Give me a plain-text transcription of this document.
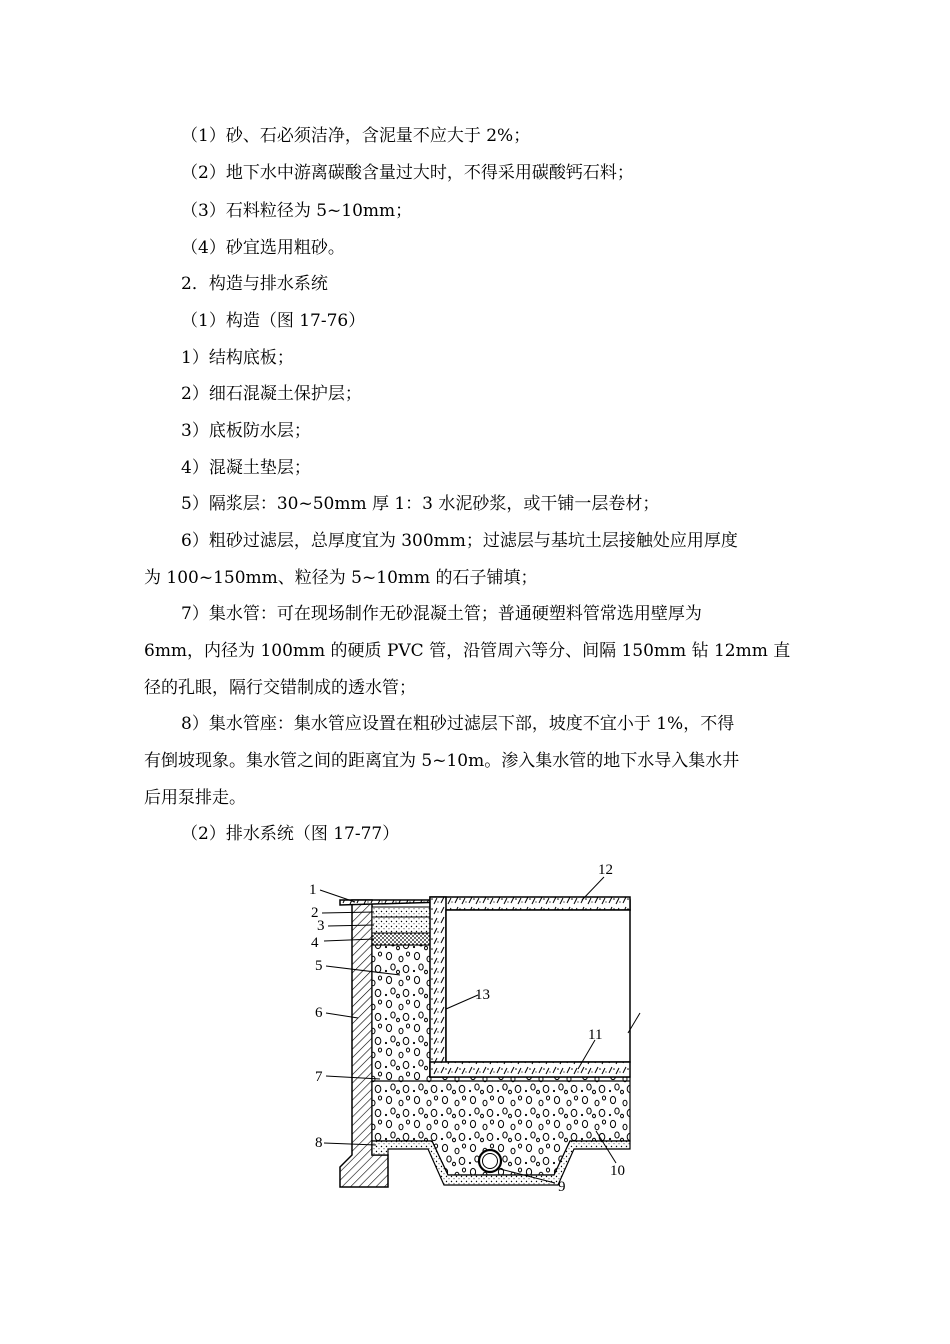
（1）砂、石必须洁净，含泥量不应大于 2%；

（2）地下水中游离碳酸含量过大时，不得采用碳酸钙石料；

（3）石料粒径为 5~10mm；

（4）砂宜选用粗砂。

2．构造与排水系统

（1）构造（图 17-76）

1）结构底板；

2）细石混凝土保护层；

3）底板防水层；

4）混凝土垫层；

5）隔浆层：30~50mm 厚 1：3 水泥砂浆，或干铺一层卷材；

6）粗砂过滤层，总厚度宜为 300mm；过滤层与基坑土层接触处应用厚度

为 100~150mm、粒径为 5~10mm 的石子铺填；

7）集水管：可在现场制作无砂混凝土管；普通硬塑料管常选用壁厚为

6mm，内径为 100mm 的硬质 PVC 管，沿管周六等分、间隔 150mm 钻 12mm 直

径的孔眼，隔行交错制成的透水管；

8）集水管座：集水管应设置在粗砂过滤层下部，坡度不宜小于 1%，不得

有倒坡现象。集水管之间的距离宜为 5~10m。渗入集水管的地下水导入集水井

后用泵排走。

（2）排水系统（图 17-77）

1
2
3
4
5
6
7
8
9
10
11
12
13
